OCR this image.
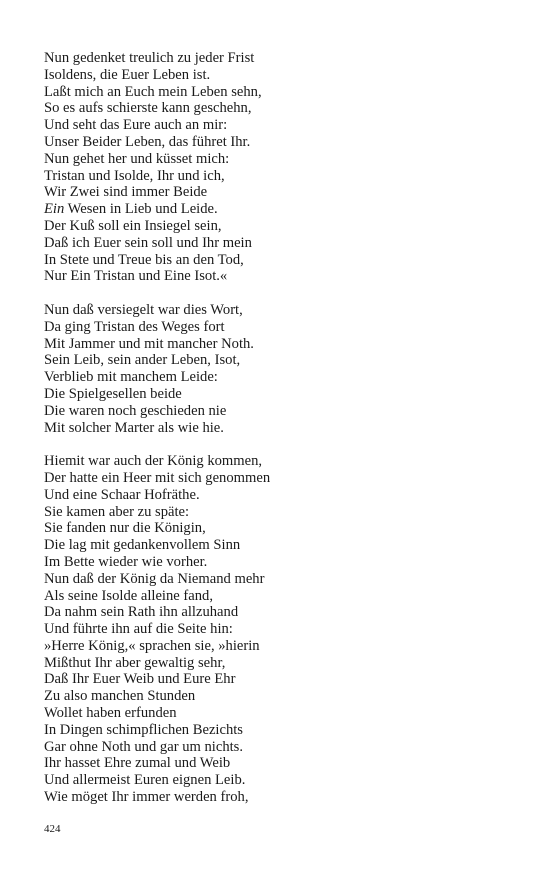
Nun gedenket treulich zu jeder Frist
Isoldens, die Euer Leben ist.
Laßt mich an Euch mein Leben sehn,
So es aufs schierste kann geschehn,
Und seht das Eure auch an mir:
Unser Beider Leben, das führet Ihr.
Nun gehet her und küsset mich:
Tristan und Isolde, Ihr und ich,
Wir Zwei sind immer Beide
Ein Wesen in Lieb und Leide.
Der Kuß soll ein Insiegel sein,
Daß ich Euer sein soll und Ihr mein
In Stete und Treue bis an den Tod,
Nur Ein Tristan und Eine Isot.«
Nun daß versiegelt war dies Wort,
Da ging Tristan des Weges fort
Mit Jammer und mit mancher Noth.
Sein Leib, sein ander Leben, Isot,
Verblieb mit manchem Leide:
Die Spielgesellen beide
Die waren noch geschieden nie
Mit solcher Marter als wie hie.
Hiemit war auch der König kommen,
Der hatte ein Heer mit sich genommen
Und eine Schaar Hofräthe.
Sie kamen aber zu späte:
Sie fanden nur die Königin,
Die lag mit gedankenvollem Sinn
Im Bette wieder wie vorher.
Nun daß der König da Niemand mehr
Als seine Isolde alleine fand,
Da nahm sein Rath ihn allzuhand
Und führte ihn auf die Seite hin:
»Herre König,« sprachen sie, »hierin
Mißthut Ihr aber gewaltig sehr,
Daß Ihr Euer Weib und Eure Ehr
Zu also manchen Stunden
Wollet haben erfunden
In Dingen schimpflichen Bezichts
Gar ohne Noth und gar um nichts.
Ihr hasset Ehre zumal und Weib
Und allermeist Euren eignen Leib.
Wie möget Ihr immer werden froh,
424
